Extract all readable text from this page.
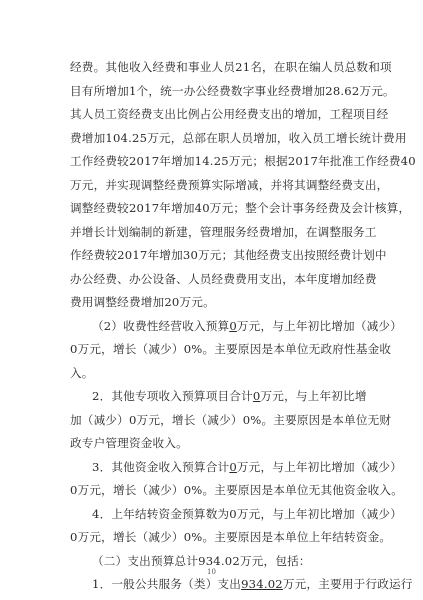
经费。其他收入经费和事业人员21名，在职在编人员总数和项
目有所增加1个，统一办公经费数字事业经费增加28.62万元。
其人员工资经费支出比例占公用经费支出的增加，工程项目经
费增加104.25万元，总部在职人员增加，收入员工增长统计费用
工作经费较2017年增加14.25万元；根据2017年批准工作经费40
万元，并实现调整经费预算实际增减，并将其调整经费支出，
调整经费较2017年增加40万元；整个会计事务经费及会计核算，
并增长计划编制的新建，管理服务经费增加，在调整服务工
作经费较2017年增加30万元；其他经费支出按照经费计划中
办公经费、办公设备、人员经费费用支出，本年度增加经费
费用调整经费增加20万元。
（2）收费性经营收入预算0万元，与上年初比增加（减少）
0万元，增长（减少）0%。主要原因是本单位无政府性基金收
入。
2．其他专项收入预算项目合计0万元，与上年初比增
加（减少）0万元，增长（减少）0%。主要原因是本单位无财
政专户管理资金收入。
3．其他资金收入预算合计0万元，与上年初比增加（减少）
0万元，增长（减少）0%。主要原因是本单位无其他资金收入。
4．上年结转资金预算数为0万元，与上年初比增加（减少）
0万元，增长（减少）0%。主要原因是本单位上年结转资金。
（二）支出预算总计934.02万元，包括：
1．一般公共服务（类）支出934.02万元，主要用于行政运行
10
